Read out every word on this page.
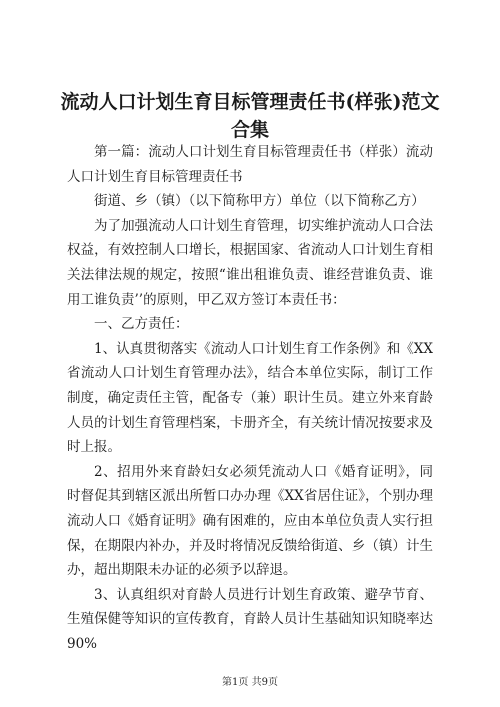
流动人口计划生育目标管理责任书(样张)范文合集

第一篇：流动人口计划生育目标管理责任书（样张）流动人口计划生育目标管理责任书

街道、乡（镇）（以下简称甲方）单位（以下简称乙方）

为了加强流动人口计划生育管理，切实维护流动人口合法权益，有效控制人口增长，根据国家、省流动人口计划生育相关法律法规的规定，按照“谁出租谁负责、谁经营谁负责、谁用工谁负责’’的原则，甲乙双方签订本责任书：

一、乙方责任：

1、认真贯彻落实《流动人口计划生育工作条例》和《XX省流动人口计划生育管理办法》，结合本单位实际，制订工作制度，确定责任主管，配备专（兼）职计生员。建立外来育龄人员的计划生育管理档案，卡册齐全，有关统计情况按要求及时上报。

2、招用外来育龄妇女必须凭流动人口《婚育证明》，同时督促其到辖区派出所暂口办办理《XX省居住证》，个别办理流动人口《婚育证明》确有困难的，应由本单位负责人实行担保，在期限内补办，并及时将情况反馈给街道、乡（镇）计生办，超出期限未办证的必须予以辞退。

3、认真组织对育龄人员进行计划生育政策、避孕节育、生殖保健等知识的宣传教育，育龄人员计生基础知识知晓率达90%

第1页 共9页
